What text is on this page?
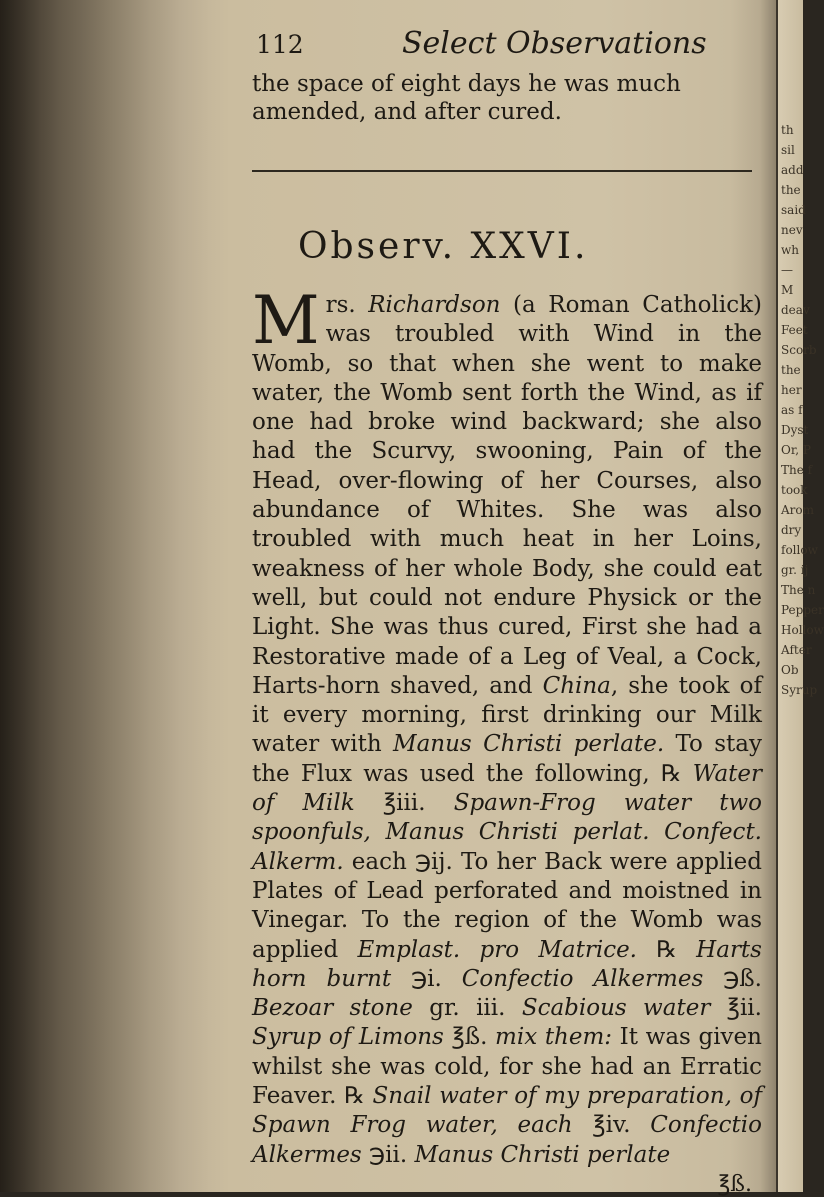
112	Select Observations

the space of eight days he was much amended, and after cured.

Observ. XXVI.
M rs. Richardson (a Roman Catholick) was troubled with Wind in the Womb, so that when she went to make water, the Womb sent forth the Wind, as if one had broke wind backward; she also had the Scurvy, swooning, Pain of the Head, over-flowing of her Courses, also abundance of Whites. She was also troubled with much heat in her Loins, weakness of her whole Body, she could eat well, but could not endure Physick or the Light. She was thus cured, First she had a Restorative made of a Leg of Veal, a Cock, Harts-horn shaved, and China, she took of it every morning, first drinking our Milk water with Manus Christi perlate. To stay the Flux was used the following, ℞ Water of Milk ℥iii. Spawn-Frog water two spoonfuls, Manus Christi perlat. Confect. Alkerm. each ℈ij. To her Back were applied Plates of Lead perforated and moistned in Vinegar. To the region of the Womb was applied Emplast. pro Matrice. ℞ Harts horn burnt ℈i. Confectio Alkermes ℈ß. Bezoar stone gr. iii. Scabious water ℥ii. Syrup of Limons ℥ß. mix them: It was given whilst she was cold, for she had an Erratic Feaver. ℞ Snail water of my preparation, of Spawn Frog water, each ℥iv. Confectio Alkermes ℈ii. Manus Christi perlate
℥ß.
th
sil
add
the
said
nev
wh
—
M
deav
Feet
Scorb
the
her
as f
Dyst
Or, P
The f
took
Arom
dry
follow
gr. ij
The n
Pepper
Hollow
After
Ob
Syrup
